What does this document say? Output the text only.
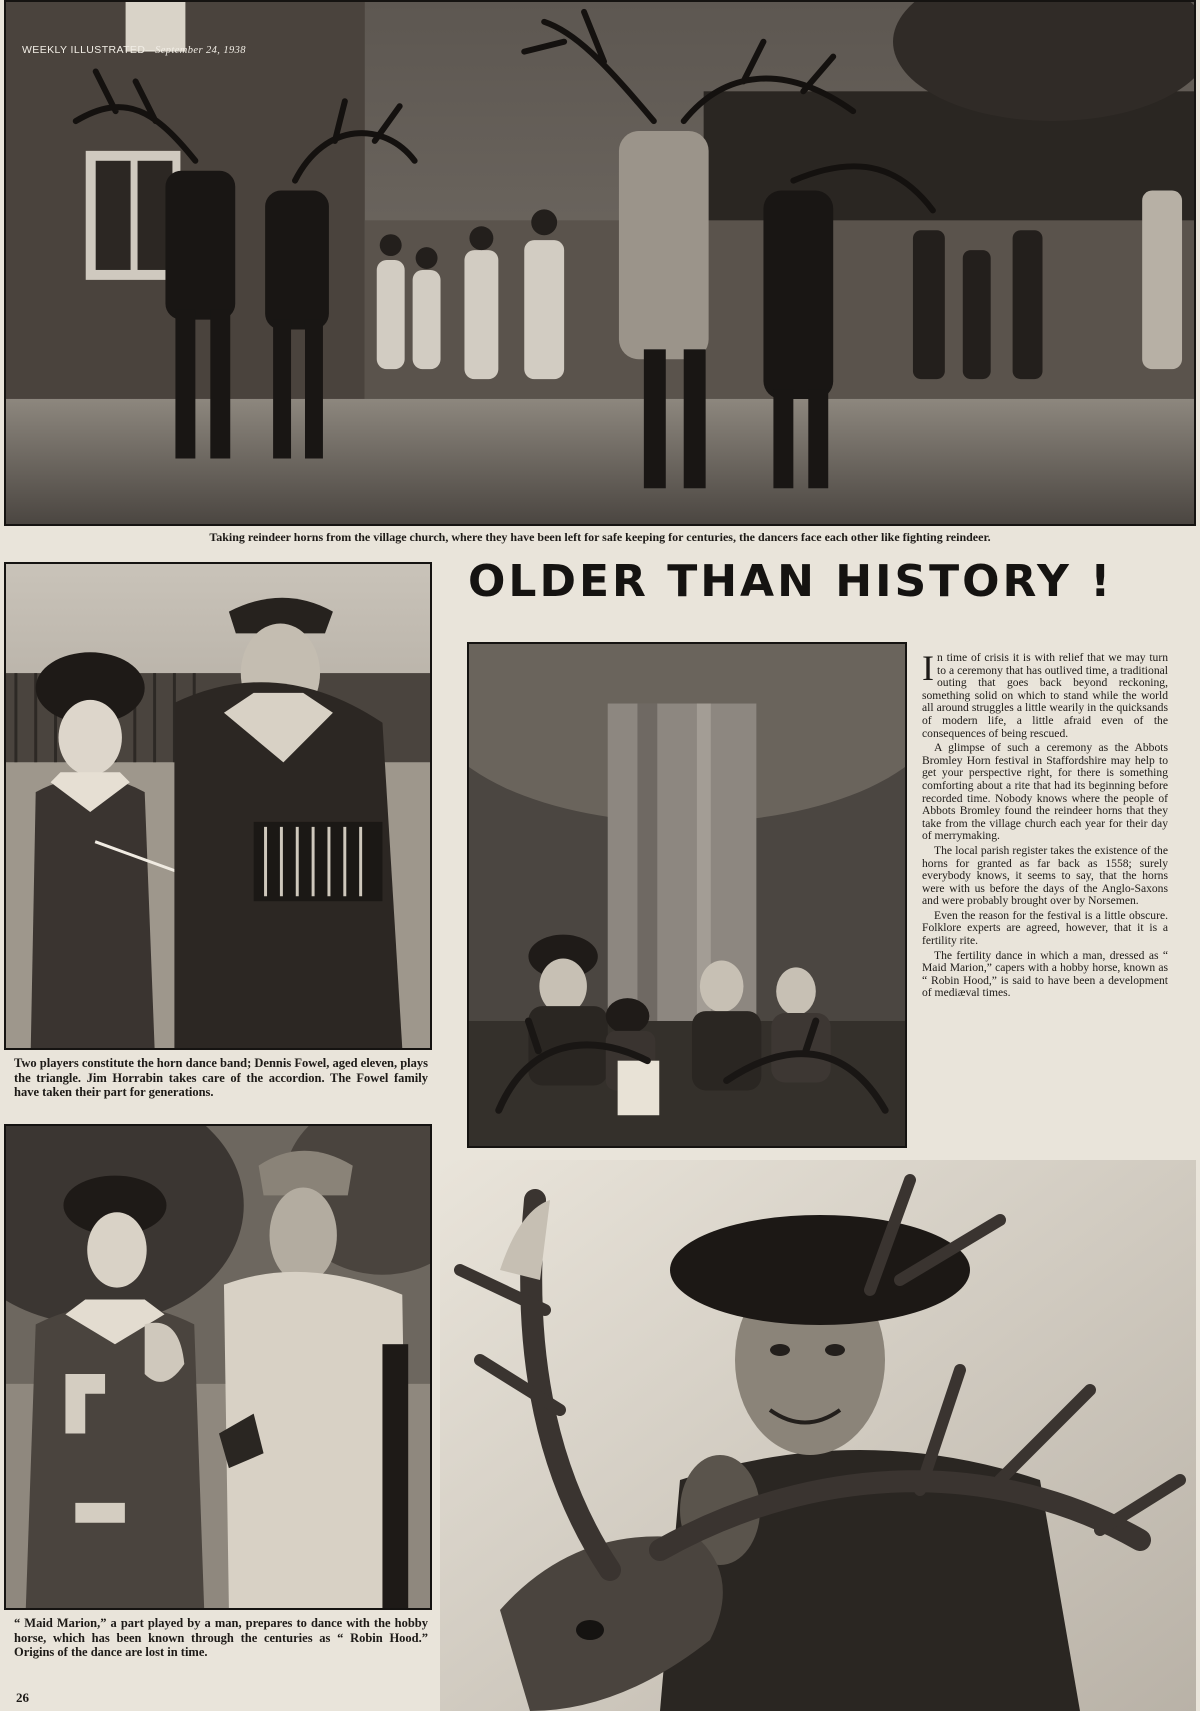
WEEKLY ILLUSTRATED—September 24, 1938
Taking reindeer horns from the village church, where they have been left for safe keeping for centuries, the dancers face each other like fighting reindeer.
Two players constitute the horn dance band; Dennis Fowel, aged eleven, plays the triangle. Jim Horrabin takes care of the accordion. The Fowel family have taken their part for generations.
OLDER THAN HISTORY !

In time of crisis it is with relief that we may turn to a ceremony that has outlived time, a traditional outing that goes back beyond reckoning, something solid on which to stand while the world all around struggles a little wearily in the quicksands of modern life, a little afraid even of the consequences of being rescued.

A glimpse of such a ceremony as the Abbots Bromley Horn festival in Staffordshire may help to get your perspective right, for there is something comforting about a rite that had its beginning before recorded time. Nobody knows where the people of Abbots Bromley found the reindeer horns that they take from the village church each year for their day of merrymaking.

The local parish register takes the existence of the horns for granted as far back as 1558; surely everybody knows, it seems to say, that the horns were with us before the days of the Anglo-Saxons and were probably brought over by Norsemen.

Even the reason for the festival is a little obscure. Folklore experts are agreed, however, that it is a fertility rite.

The fertility dance in which a man, dressed as “ Maid Marion,” capers with a hobby horse, known as “ Robin Hood,” is said to have been a development of mediæval times.

“ Maid Marion,” a part played by a man, prepares to dance with the hobby horse, which has been known through the centuries as “ Robin Hood.” Origins of the dance are lost in time.
26
